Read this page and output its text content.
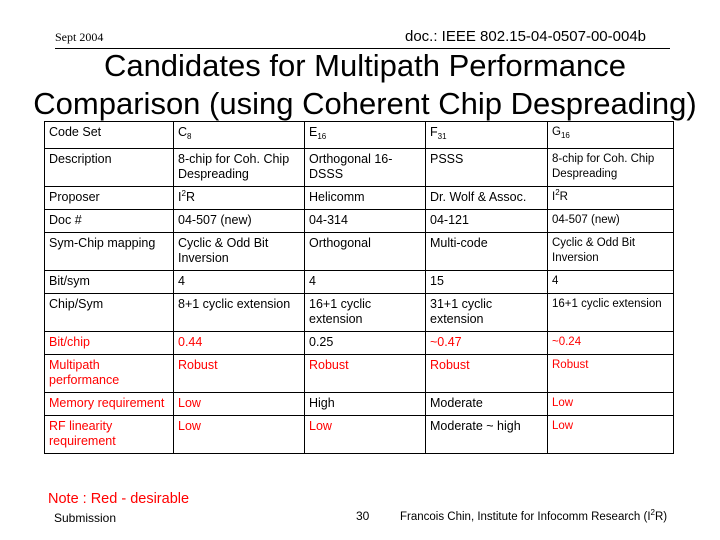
Sept 2004	doc.: IEEE 802.15-04-0507-00-004b
Candidates for Multipath Performance
Comparison (using Coherent Chip Despreading)
Code Set	$C_8$	$E_{16}$	$F_{31}$	$G_{16}$
Description	8-chip for Coh. Chip Despreading	Orthogonal 16-DSSS	PSSS	8-chip for Coh. Chip Despreading
Proposer	$I^2R$	Helicomm	Dr. Wolf & Assoc.	$I^2R$
Doc #	04-507 (new)	04-314	04-121	04-507 (new)
Sym-Chip mapping	Cyclic & Odd Bit Inversion	Orthogonal	Multi-code	Cyclic & Odd Bit Inversion
Bit/sym	4	4	15	4
Chip/Sym	8+1 cyclic extension	16+1 cyclic extension	31+1 cyclic extension	16+1 cyclic extension
Bit/chip	0.44	0.25	~0.47	~0.24
Multipath performance	Robust	Robust	Robust	Robust
Memory requirement	Low	High	Moderate	Low
RF linearity requirement	Low	Low	Moderate ~ high	Low
Note : Red - desirable
Submission	30	Francois Chin, Institute for Infocomm Research $(I^2R)$
